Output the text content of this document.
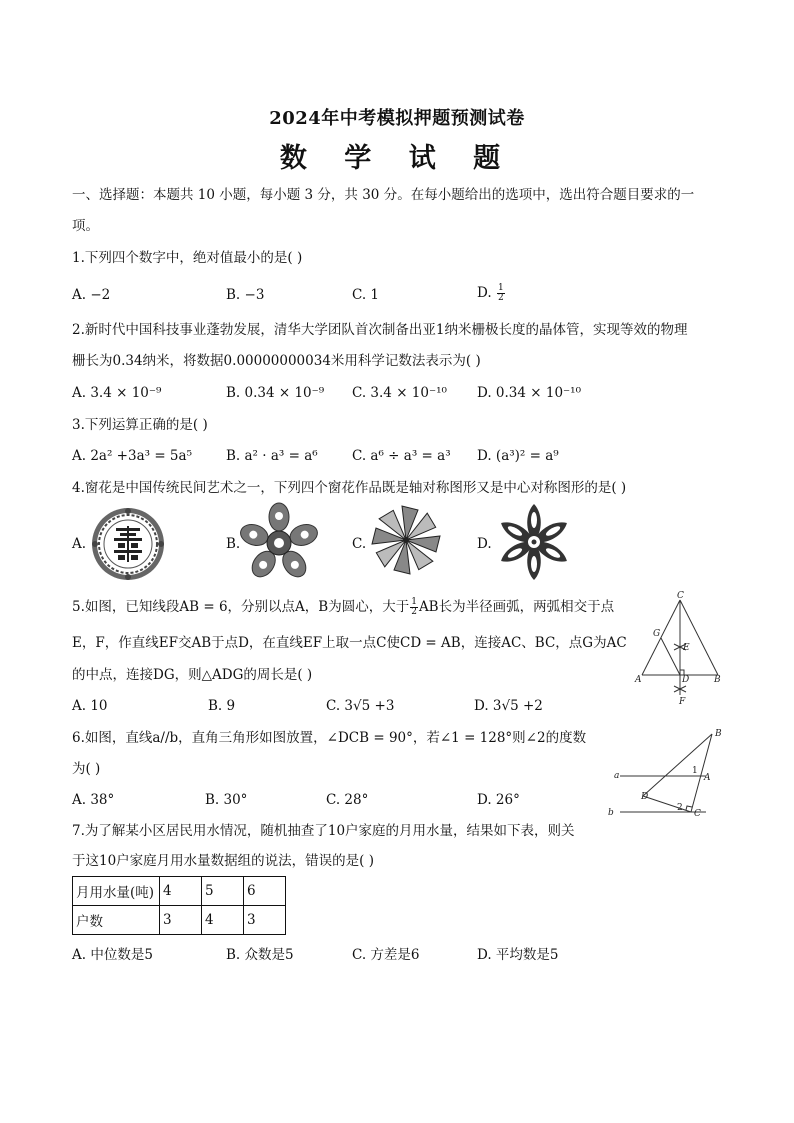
2024年中考模拟押题预测试卷
数 学 试 题
一、选择题：本题共 10 小题，每小题 3 分，共 30 分。在每小题给出的选项中，选出符合题目要求的一
项。
1.下列四个数字中，绝对值最小的是( )
A. −2	B. −3	C. 1	D. $\frac{1}{2}$
2.新时代中国科技事业蓬勃发展，清华大学团队首次制备出亚1纳米栅极长度的晶体管，实现等效的物理
栅长为0.34纳米，将数据0.00000000034米用科学记数法表示为( )
A. 3.4 × 10⁻⁹	B. 0.34 × 10⁻⁹ C. 3.4 × 10⁻¹⁰ D. 0.34 × 10⁻¹⁰
3.下列运算正确的是( )
A. 2a² +3a³ = 5a⁵	B. a² · a³ = a⁶	C. a⁶ ÷ a³ = a³ D. (a³)² = a⁹
4.窗花是中国传统民间艺术之一，下列四个窗花作品既是轴对称图形又是中心对称图形的是( )
A.	B.	C.	D.
5.如图，已知线段AB = 6，分别以点A，B为圆心，大于 $\frac{1}{2}$ AB长为半径画弧，两弧相交于点
E，F，作直线EF交AB于点D，在直线EF上取一点C使CD = AB，连接AC、BC，点G为AC
的中点，连接DG，则△ADG的周长是( )
A. 10	B. 9	C. 3√5 +3	D. 3√5 +2
C
G
E
A	D	B
F
6.如图，直线a//b，直角三角形如图放置，∠DCB = 90°，若∠1 = 128°则∠2的度数
为( )
A. 38°	B. 30°	C. 28°	D. 26°
B
a	1
A
D
2
C
b
7.为了解某小区居民用水情况，随机抽查了10户家庭的月用水量，结果如下表，则关
于这10户家庭月用水量数据组的说法，错误的是( )
月用水量(吨)	4	5	6
户数	3	4	3
A. 中位数是5	B. 众数是5	C. 方差是6	D. 平均数是5
